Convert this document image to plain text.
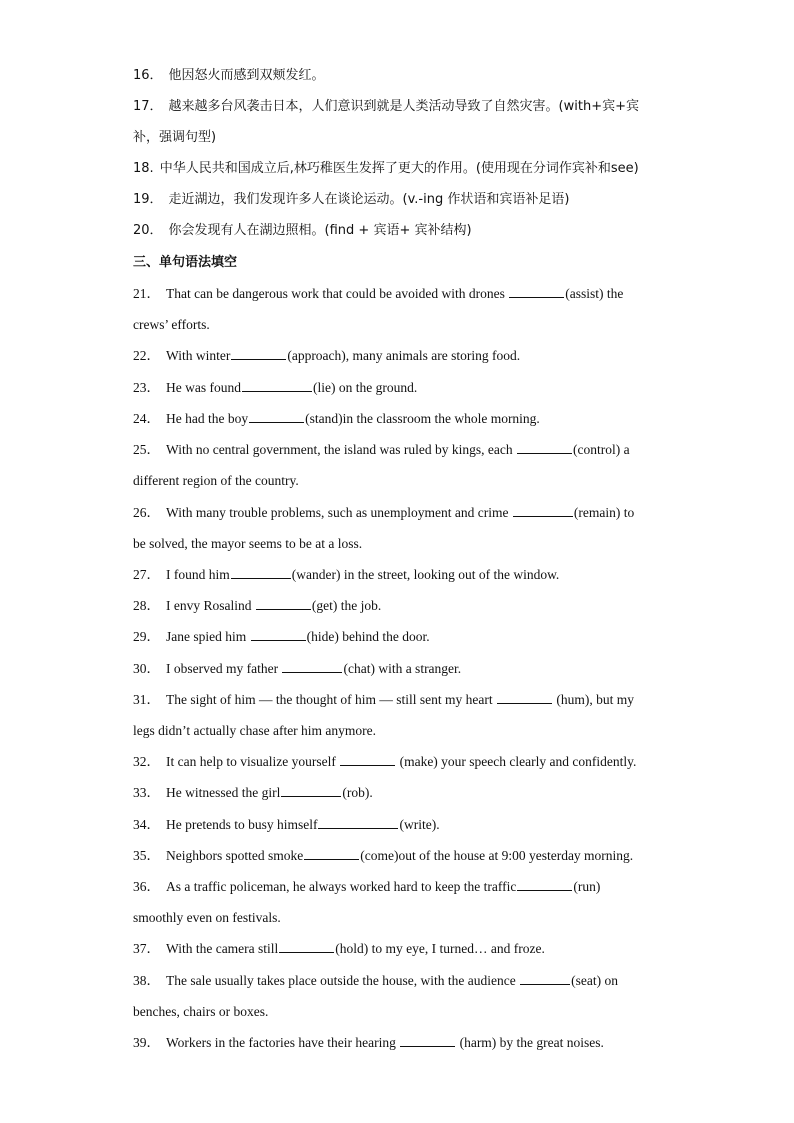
16． 他因怒火而感到双颊发红。
17． 越来越多台风袭击日本，人们意识到就是人类活动导致了自然灾害。(with+宾+宾
补，强调句型)
18. 中华人民共和国成立后,林巧稚医生发挥了更大的作用。(使用现在分词作宾补和see)
19． 走近湖边，我们发现许多人在谈论运动。(v.-ing 作状语和宾语补足语)
20． 你会发现有人在湖边照相。(find + 宾语+ 宾补结构)
三、单句语法填空
21． That can be dangerous work that could be avoided with drones	(assist) the
crews’ efforts.
22． With winter	(approach), many animals are storing food.
23． He was found	(lie) on the ground.
24． He had the boy	(stand)in the classroom the whole morning.
25． With no central government, the island was ruled by kings, each	(control) a
different region of the country.
26． With many trouble problems, such as unemployment and crime	(remain) to
be solved, the mayor seems to be at a loss.
27． I found him	(wander) in the street, looking out of the window.
28． I envy Rosalind	(get) the job.
29． Jane spied him	(hide) behind the door.
30． I observed my father	(chat) with a stranger.
31． The sight of him — the thought of him — still sent my heart	(hum), but my
legs didn’t actually chase after him anymore.
32． It can help to visualize yourself	(make) your speech clearly and confidently.
33． He witnessed the girl	(rob).
34． He pretends to busy himself	(write).
35． Neighbors spotted smoke	(come)out of the house at 9:00 yesterday morning.
36． As a traffic policeman, he always worked hard to keep the traffic	(run)
smoothly even on festivals.
37． With the camera still	(hold) to my eye, I turned… and froze.
38． The sale usually takes place outside the house, with the audience	(seat) on
benches, chairs or boxes.
39． Workers in the factories have their hearing	(harm) by the great noises.
